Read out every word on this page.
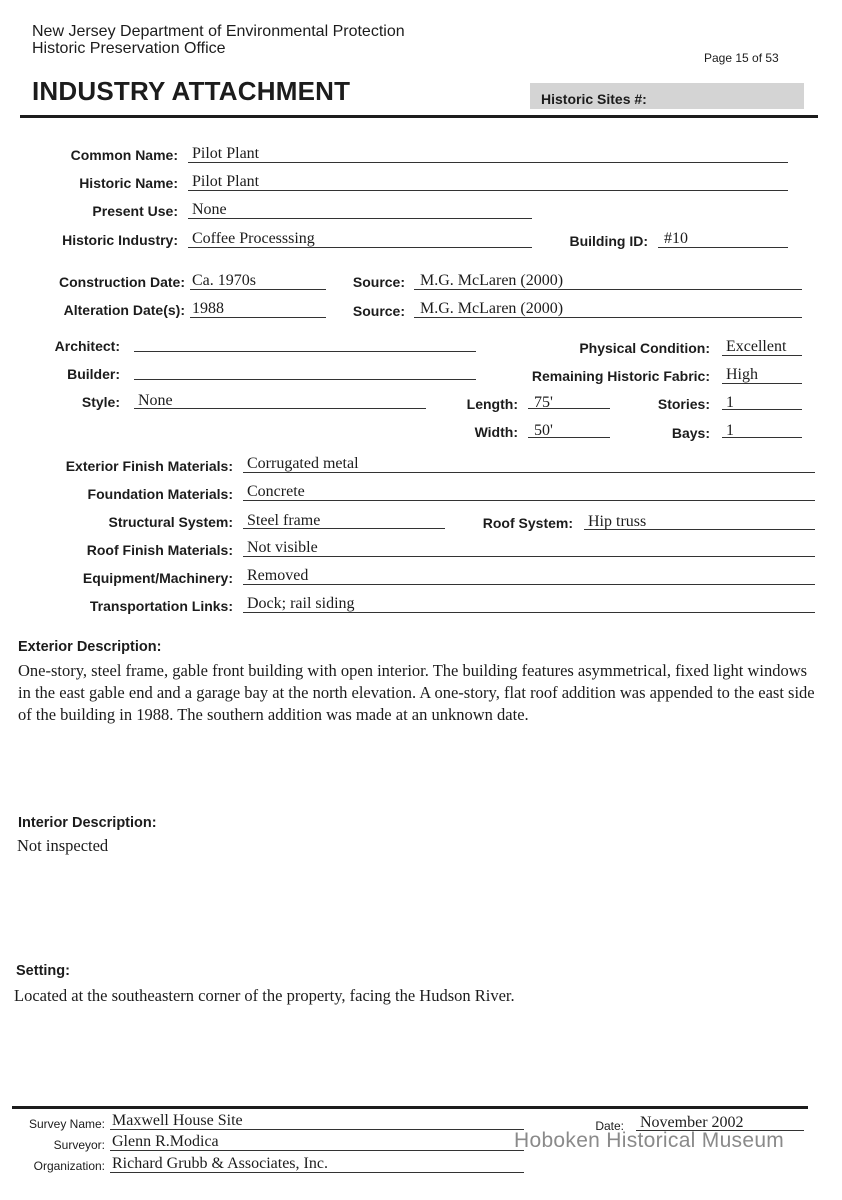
New Jersey Department of Environmental Protection
Historic Preservation Office
Page 15 of 53
INDUSTRY ATTACHMENT	Historic Sites #:
Common Name: Pilot Plant
Historic Name: Pilot Plant
Present Use: None
Historic Industry: Coffee Processsing	Building ID: #10
Construction Date: Ca. 1970s	Source: M.G. McLaren (2000)
Alteration Date(s): 1988	Source: M.G. McLaren (2000)
Architect:	Physical Condition: Excellent
Builder:	Remaining Historic Fabric: High
Style: None	Length: 75'	Stories: 1
Width: 50'	Bays: 1
Exterior Finish Materials: Corrugated metal
Foundation Materials: Concrete
Structural System: Steel frame	Roof System: Hip truss
Roof Finish Materials: Not visible
Equipment/Machinery: Removed
Transportation Links: Dock; rail siding
Exterior Description:
One-story, steel frame, gable front building with open interior. The building features asymmetrical, fixed light windows in the east gable end and a garage bay at the north elevation. A one-story, flat roof addition was appended to the east side of the building in 1988. The southern addition was made at an unknown date.
Interior Description:
Not inspected
Setting:
Located at the southeastern corner of the property, facing the Hudson River.
Survey Name: Maxwell House Site
Surveyor: Glenn R.Modica
Organization: Richard Grubb & Associates, Inc.
Date: November 2002
Hoboken Historical Museum
